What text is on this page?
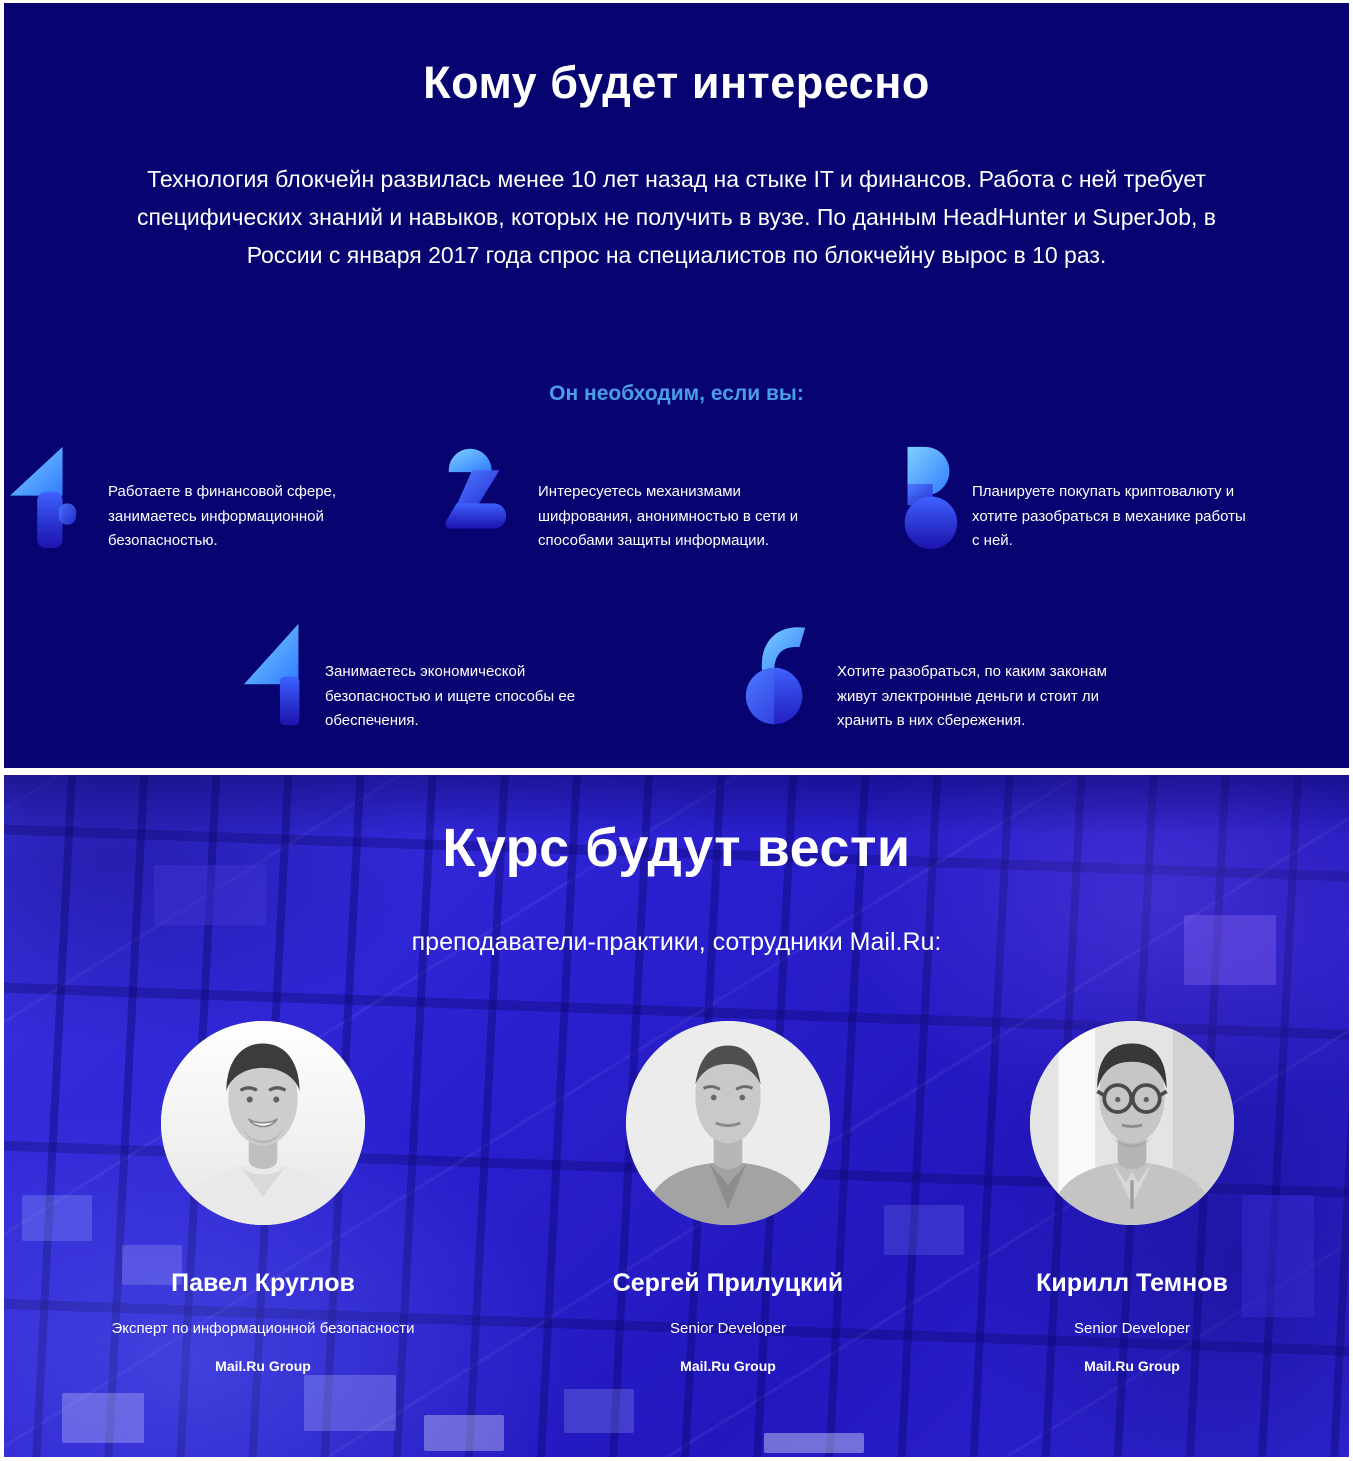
Кому будет интересно

Технология блокчейн развилась менее 10 лет назад на стыке IT и финансов. Работа с ней требует специфических знаний и навыков, которых не получить в вузе. По данным HeadHunter и SuperJob, в России с января 2017 года спрос на специалистов по блокчейну вырос в 10 раз.

Он необходим, если вы:

Работаете в финансовой сфере, занимаетесь информационной безопасностью.

Интересуетесь механизмами шифрования, анонимностью в сети и способами защиты информации.

Планируете покупать криптовалюту и хотите разобраться в механике работы с ней.

Занимаетесь экономической безопасностью и ищете способы ее обеспечения.

Хотите разобраться, по каким законам живут электронные деньги и стоит ли хранить в них сбережения.

Курс будут вести

преподаватели-практики, сотрудники Mail.Ru:

Павел Круглов
Эксперт по информационной безопасности
Mail.Ru Group
Сергей Прилуцкий
Senior Developer
Mail.Ru Group
Кирилл Темнов
Senior Developer
Mail.Ru Group
